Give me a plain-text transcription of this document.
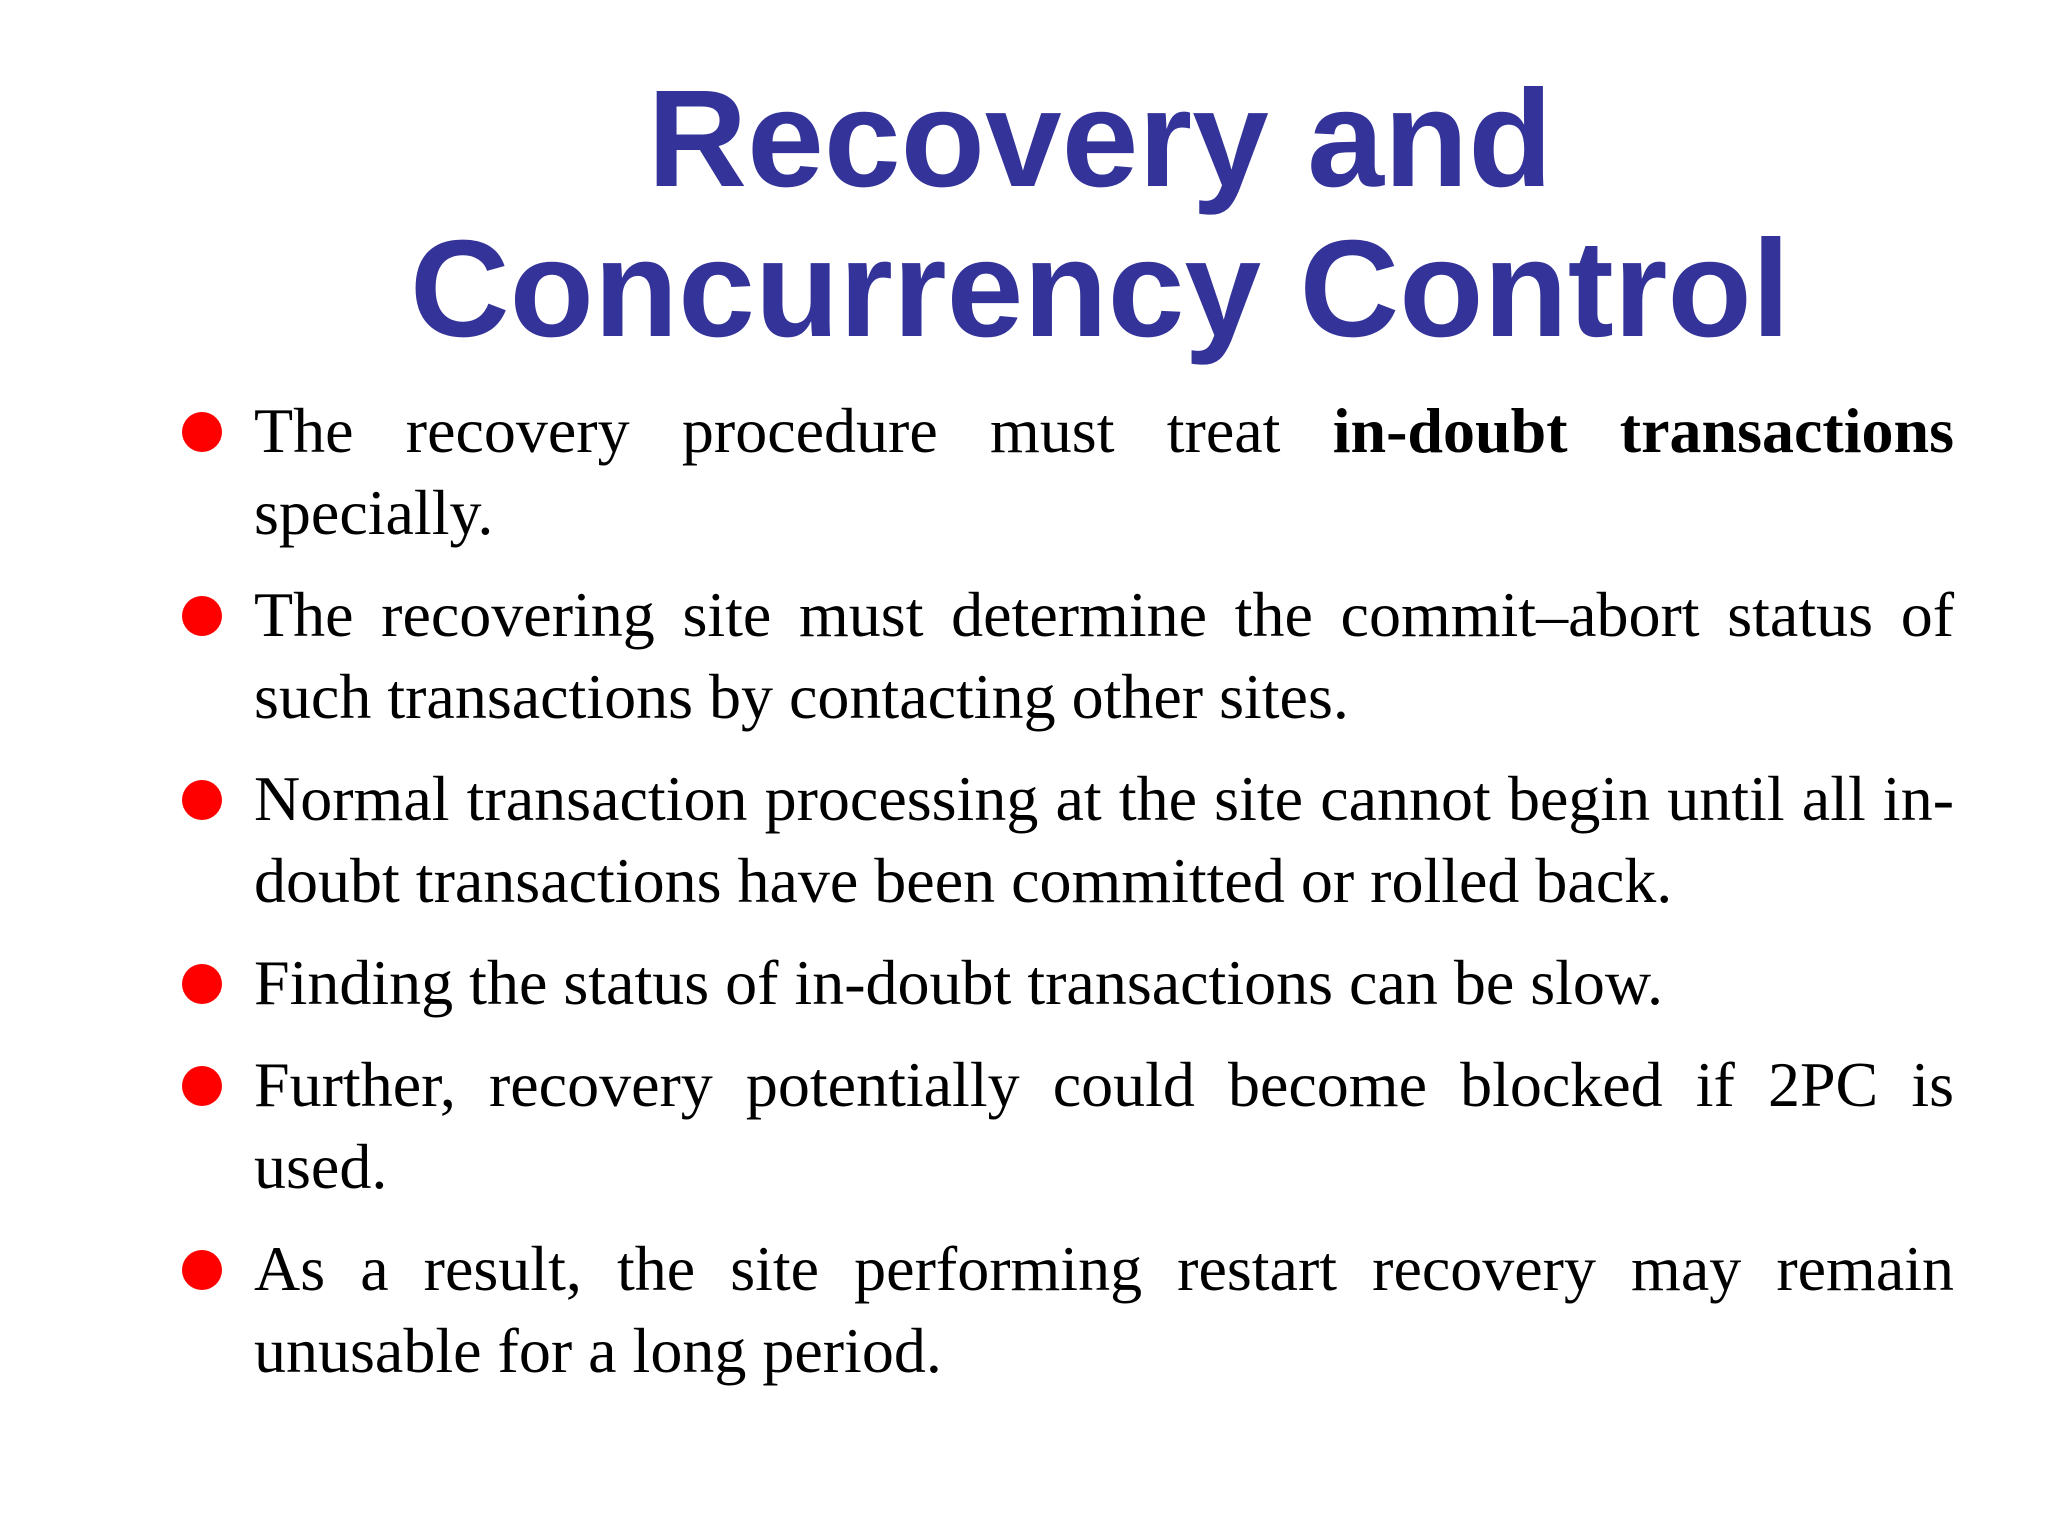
Recovery and
Concurrency Control
The recovery procedure must treat in-doubt transactions specially.
The recovering site must determine the commit–abort status of such transactions by contacting other sites.
Normal transaction processing at the site cannot begin until all in-doubt transactions have been committed or rolled back.
Finding the status of in-doubt transactions can be slow.
Further, recovery potentially could become blocked if 2PC is used.
As a result, the site performing restart recovery may remain unusable for a long period.
